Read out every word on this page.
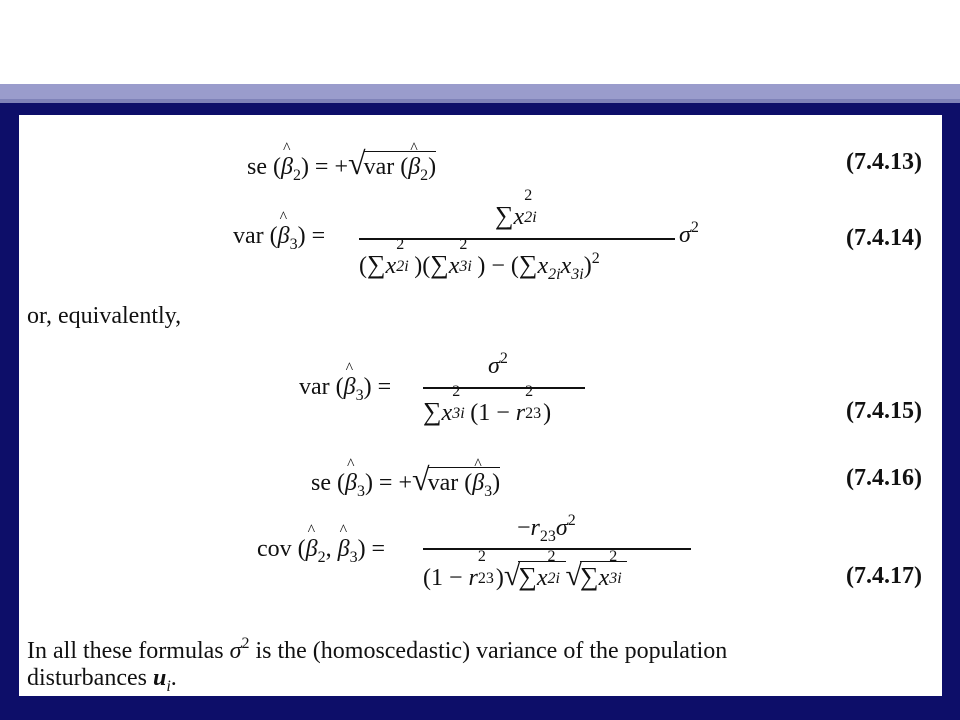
se (^ $\beta_2) = +√var$ (^ $\beta_2$)	(7.4.13)
var (^ $\beta_3$) =
∑x
2
2i
(∑x
2
2i )(∑x
2
3i ) − $(\sum x_{2i}x_{3i})^2$
$\sigma^2$	(7.4.14)
or, equivalently,
var (^ $\beta_3$) =
$\sigma^2$
∑x
2
3i (1 − r
2
23 )	(7.4.15)
se (^ $\beta_3) = +√var$ (^ $\beta_3$)	(7.4.16)
cov (^ $\beta_2$, ^ $\beta_3$) =
$-r_{23}\sigma^2$
(1 − r
2
23 )√∑x
2
2i √∑x
2
3i	(7.4.17)
In all these formulas $\sigma^2$ is the (homoscedastic) variance of the population
disturbances $u_i$.
